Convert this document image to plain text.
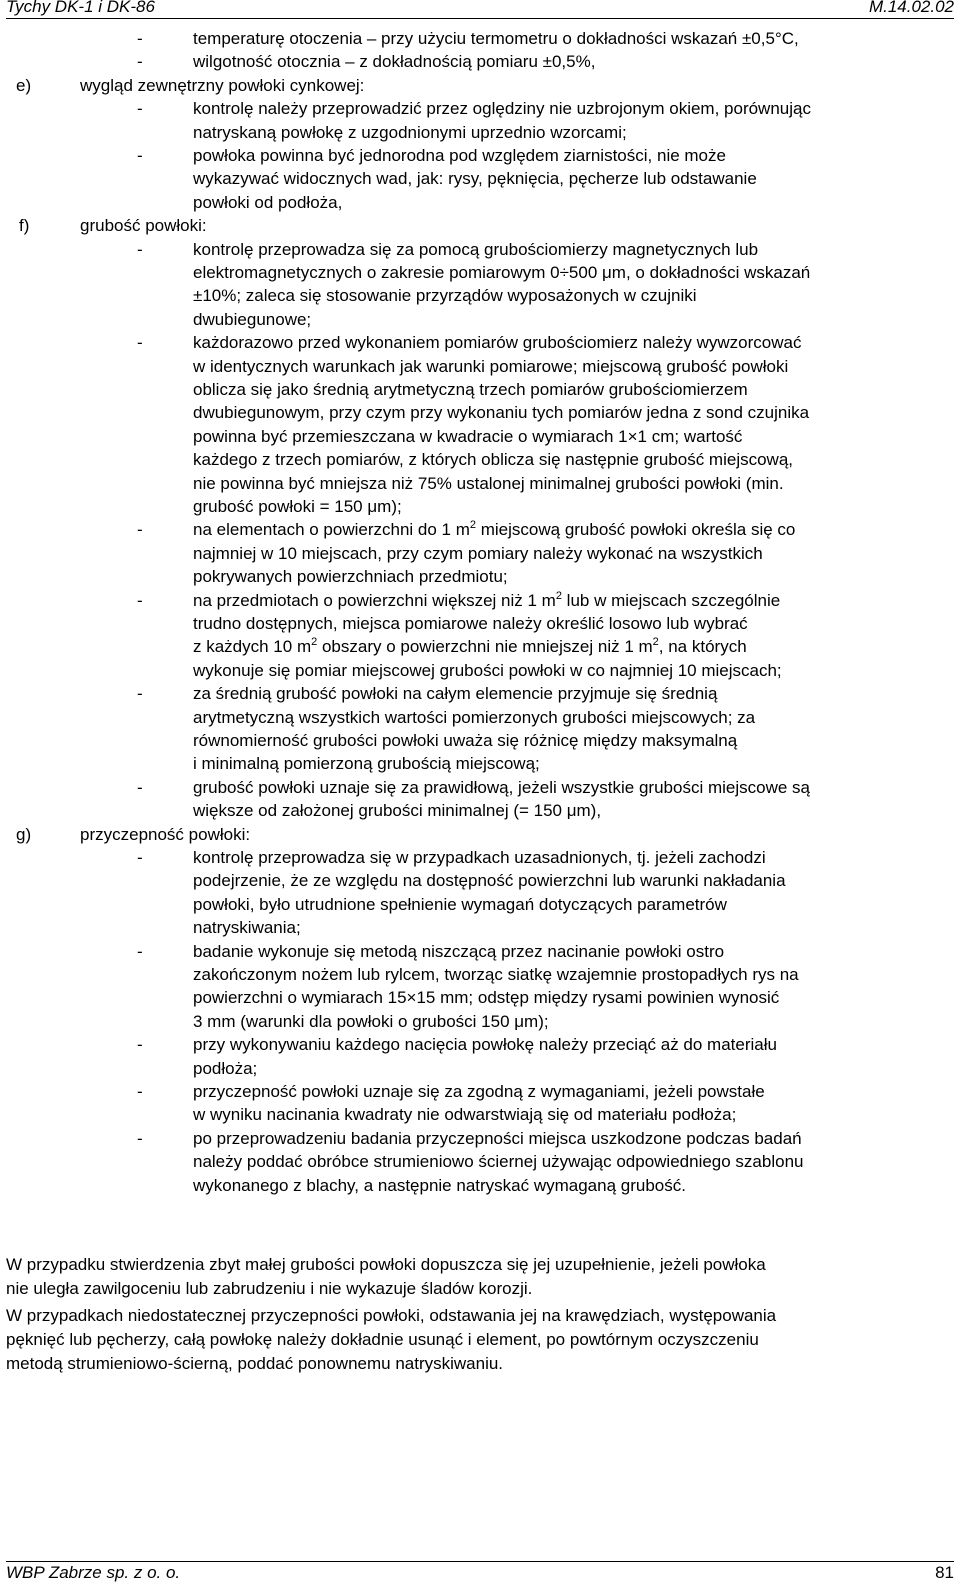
Tychy DK-1 i DK-86	M.14.02.02
-	temperaturę otoczenia – przy użyciu termometru o dokładności wskazań ±0,5°C,
-	wilgotność otocznia – z dokładnością pomiaru ±0,5%,
e)	wygląd zewnętrzny powłoki cynkowej:
-	kontrolę należy przeprowadzić przez oględziny nie uzbrojonym okiem, porównując
natryskaną powłokę z uzgodnionymi uprzednio wzorcami;
-	powłoka powinna być jednorodna pod względem ziarnistości, nie może
wykazywać widocznych wad, jak: rysy, pęknięcia, pęcherze lub odstawanie
powłoki od podłoża,
f)	grubość powłoki:
-	kontrolę przeprowadza się za pomocą grubościomierzy magnetycznych lub
elektromagnetycznych o zakresie pomiarowym 0÷500 μm, o dokładności wskazań
±10%; zaleca się stosowanie przyrządów wyposażonych w czujniki
dwubiegunowe;
-	każdorazowo przed wykonaniem pomiarów grubościomierz należy wywzorcować
w identycznych warunkach jak warunki pomiarowe; miejscową grubość powłoki
oblicza się jako średnią arytmetyczną trzech pomiarów grubościomierzem
dwubiegunowym, przy czym przy wykonaniu tych pomiarów jedna z sond czujnika
powinna być przemieszczana w kwadracie o wymiarach 1×1 cm; wartość
każdego z trzech pomiarów, z których oblicza się następnie grubość miejscową,
nie powinna być mniejsza niż 75% ustalonej minimalnej grubości powłoki (min.
grubość powłoki = 150 μm);
-	na elementach o powierzchni do 1 $m^2$ miejscową grubość powłoki określa się co
najmniej w 10 miejscach, przy czym pomiary należy wykonać na wszystkich
pokrywanych powierzchniach przedmiotu;
-	na przedmiotach o powierzchni większej niż 1 $m^2$ lub w miejscach szczególnie
trudno dostępnych, miejsca pomiarowe należy określić losowo lub wybrać
z każdych 10 $m^2$ obszary o powierzchni nie mniejszej niż 1 $m^2$, na których
wykonuje się pomiar miejscowej grubości powłoki w co najmniej 10 miejscach;
-	za średnią grubość powłoki na całym elemencie przyjmuje się średnią
arytmetyczną wszystkich wartości pomierzonych grubości miejscowych; za
równomierność grubości powłoki uważa się różnicę między maksymalną
i minimalną pomierzoną grubością miejscową;
-	grubość powłoki uznaje się za prawidłową, jeżeli wszystkie grubości miejscowe są
większe od założonej grubości minimalnej (= 150 μm),
g)	przyczepność powłoki:
-	kontrolę przeprowadza się w przypadkach uzasadnionych, tj. jeżeli zachodzi
podejrzenie, że ze względu na dostępność powierzchni lub warunki nakładania
powłoki, było utrudnione spełnienie wymagań dotyczących parametrów
natryskiwania;
-	badanie wykonuje się metodą niszczącą przez nacinanie powłoki ostro
zakończonym nożem lub rylcem, tworząc siatkę wzajemnie prostopadłych rys na
powierzchni o wymiarach 15×15 mm; odstęp między rysami powinien wynosić
3 mm (warunki dla powłoki o grubości 150 μm);
-	przy wykonywaniu każdego nacięcia powłokę należy przeciąć aż do materiału
podłoża;
-	przyczepność powłoki uznaje się za zgodną z wymaganiami, jeżeli powstałe
w wyniku nacinania kwadraty nie odwarstwiają się od materiału podłoża;
-	po przeprowadzeniu badania przyczepności miejsca uszkodzone podczas badań
należy poddać obróbce strumieniowo ściernej używając odpowiedniego szablonu
wykonanego z blachy, a następnie natryskać wymaganą grubość.
W przypadku stwierdzenia zbyt małej grubości powłoki dopuszcza się jej uzupełnienie, jeżeli powłoka
nie uległa zawilgoceniu lub zabrudzeniu i nie wykazuje śladów korozji.
W przypadkach niedostatecznej przyczepności powłoki, odstawania jej na krawędziach, występowania
pęknięć lub pęcherzy, całą powłokę należy dokładnie usunąć i element, po powtórnym oczyszczeniu
metodą strumieniowo-ścierną, poddać ponownemu natryskiwaniu.
WBP Zabrze sp. z o. o.	81
